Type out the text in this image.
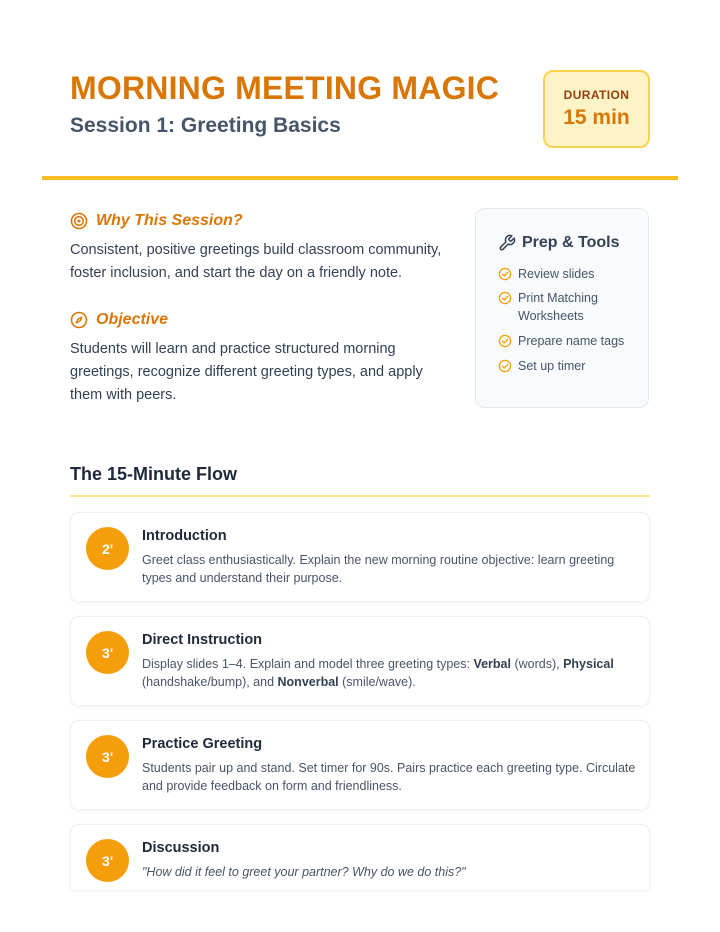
MORNING MEETING MAGIC
Session 1: Greeting Basics
DURATION
15 min
Why This Session?

Consistent, positive greetings build classroom community, foster inclusion, and start the day on a friendly note.

Objective

Students will learn and practice structured morning greetings, recognize different greeting types, and apply them with peers.

Prep & Tools
Review slides
Print Matching Worksheets
Prepare name tags
Set up timer
The 15-Minute Flow
2'
Introduction
Greet class enthusiastically. Explain the new morning routine objective: learn greeting types and understand their purpose.
3'
Direct Instruction
Display slides 1–4. Explain and model three greeting types: Verbal (words), Physical (handshake/bump), and Nonverbal (smile/wave).
3'
Practice Greeting
Students pair up and stand. Set timer for 90s. Pairs practice each greeting type. Circulate and provide feedback on form and friendliness.
3'
Discussion
"How did it feel to greet your partner? Why do we do this?"
